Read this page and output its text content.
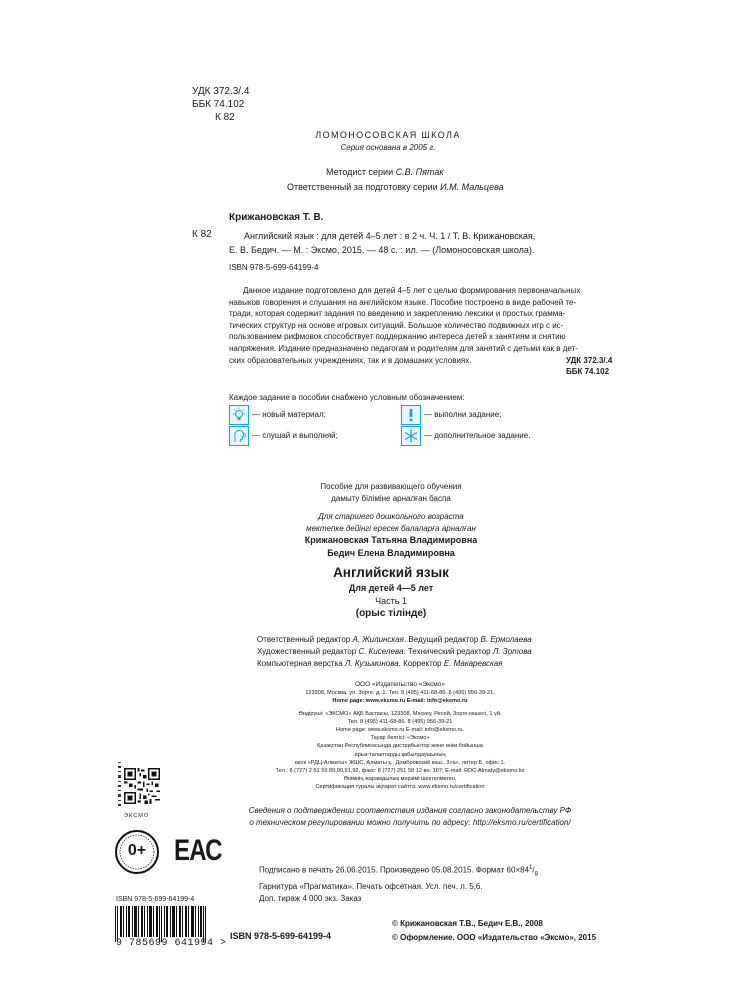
УДК 372.3/.4
ББК 74.102
К 82
ЛОМОНОСОВСКАЯ ШКОЛА
Серия основана в 2005 г.
Методист серии С.В. Пятак
Ответственный за подготовку серии И.М. Мальцева
Крижановская Т. В.
К 82	Английский язык : для детей 4–5 лет : в 2 ч. Ч. 1 / Т. В. Крижановская,
Е. В. Бедич. — М. : Эксмо, 2015. — 48 с. : ил. — (Ломоносовская школа).
ISBN 978-5-699-64199-4
Данное издание подготовлено для детей 4–5 лет с целью формирования первоначальных
навыков говорения и слушания на английском языке. Пособие построено в виде рабочей те-
тради, которая содержит задания по введению и закреплению лексики и простых грамма-
тических структур на основе игровых ситуаций. Большое количество подвижных игр с ис-
пользованием рифмовок способствует поддержанию интереса детей к занятиям и снятию
напряжения. Издание предназначено педагогам и родителям для занятий с детьми как в дет-
ских образовательных учреждениях, так и в домашних условиях.	УДК 372.3/.4
ББК 74.102
Каждое задание в пособии снабжено условным обозначением:
— новый материал;	— выполни задание;
— слушай и выполняй;	— дополнительное задание.
Пособие для развивающего обучения
дамыту бiлiмiне арналған баспа
Для старшего дошкольного возраста
мектепке дейiнгi ересек балаларға арналған
Крижановская Татьяна Владимировна
Бедич Елена Владимировна
Английский язык
Для детей 4—5 лет
Часть 1
(орыс тiлiнде)
Ответственный редактор А. Жилинская. Ведущий редактор В. Ермолаева
Художественный редактор С. Киселева. Технический редактор Л. Зотова
Компьютерная верстка Л. Кузьминова. Корректор Е. Макаревская
ООО «Издательство «Эксмо»
123308, Москва, ул. Зорге, д. 1. Тел. 8 (495) 411-68-86, 8 (495) 956-39-21.
Home page: www.eksmo.ru E-mail: info@eksmo.ru
Өндiрушi: «ЭКСМО» АҚБ Баспасы, 123308, Мәскеу, Ресей, Зорге көшесi, 1 үй.
Тел. 8 (495) 411-68-86, 8 (495) 956-39-21
Home page: www.eksmo.ru E-mail: info@eksmo.ru.
Тауар белгiсi: «Эксмо»
Қазақстан Республикасында дистрибьютор және өнiм бойынша
арыз-талаптарды қабылдаушының
өкiлi «РДЦ-Алматы» ЖШС, Алматы қ., Домбровский көш., 3«а», литер Б, офис 1.
Тел.: 8 (727) 2 51 59 89,90,91,92, факс: 8 (727) 251 58 12 вн. 107; E-mail: RDC-Almaty@eksmo.kz
Өнiмнiң жарамдылық мерзiмi шектелмеген.
Сертификация туралы ақпарат сайтта: www.eksmo.ru/certification
ЭКСМО
Сведения о подтверждении соответствия издания согласно законодательству РФ
о техническом регулировании можно получить по адресу: http://eksmo.ru/certification/
0+ ЕАС
Подписано в печать 26.06.2015. Произведено 05.08.2015. Формат $60\times 84^1/_8$
Гарнитура «Прагматика». Печать офсетная. Усл. печ. л. 5,6.
Доп. тираж 4 000 экз. Заказ
ISBN 978-5-699-64199-4
9 785699 641994 >
ISBN 978-5-699-64199-4
© Крижановская Т.В., Бедич Е.В., 2008
© Оформление. ООО «Издательство «Эксмо», 2015
